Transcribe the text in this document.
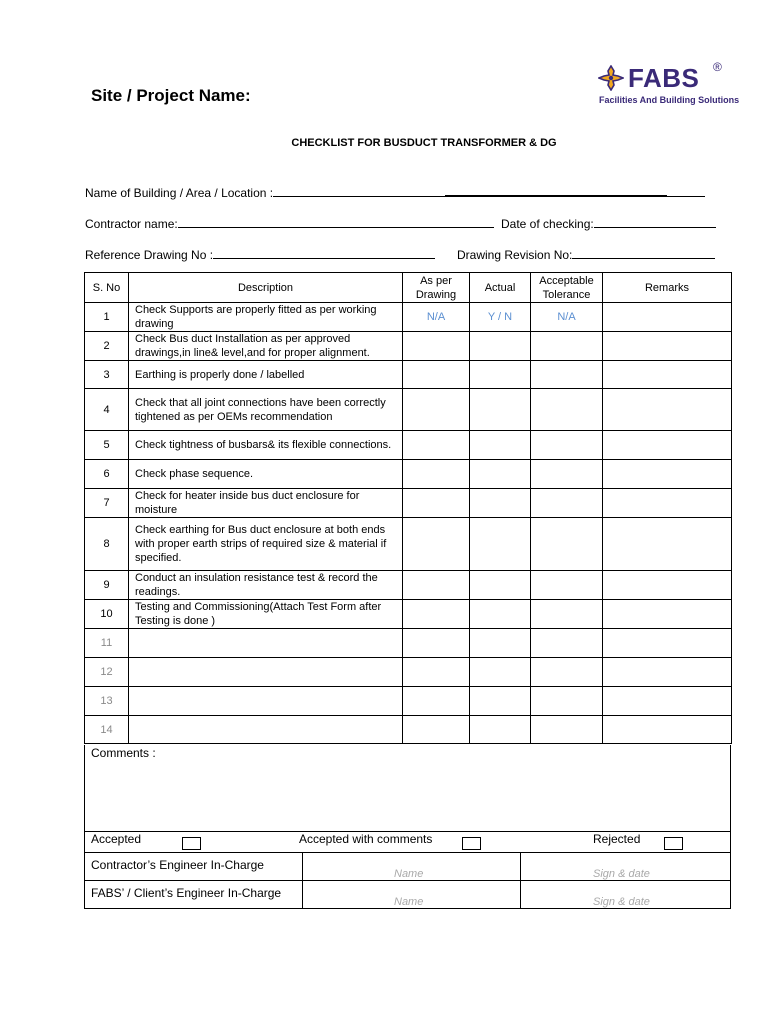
Site / Project Name:
FABS ®
Facilities And Building Solutions
CHECKLIST FOR BUSDUCT TRANSFORMER & DG
Name of Building / Area / Location :
Contractor name:	Date of checking:
Reference Drawing No :	Drawing Revision No:
S. No	Description	As per Drawing	Actual	Acceptable Tolerance	Remarks
1	Check Supports are properly fitted as per working drawing	N/A	Y / N	N/A	
2	Check Bus duct Installation as per approved drawings,in line& level,and for proper alignment.				
3	Earthing is properly done / labelled				
4	Check that all joint connections have been correctly tightened as per OEMs recommendation				
5	Check tightness of busbars& its flexible connections.				
6	Check phase sequence.				
7	Check for heater inside bus duct enclosure for moisture				
8	Check earthing for Bus duct enclosure at both ends with proper earth strips of required size & material if specified.				
9	Conduct an insulation resistance test & record the readings.				
10	Testing and Commissioning(Attach Test Form after Testing is done )				
11					
12					
13					
14					
Comments :
Accepted	Accepted with comments	Rejected
Contractor’s Engineer In-Charge
Name	Sign & date
FABS’ / Client’s Engineer In-Charge
Name	Sign & date
